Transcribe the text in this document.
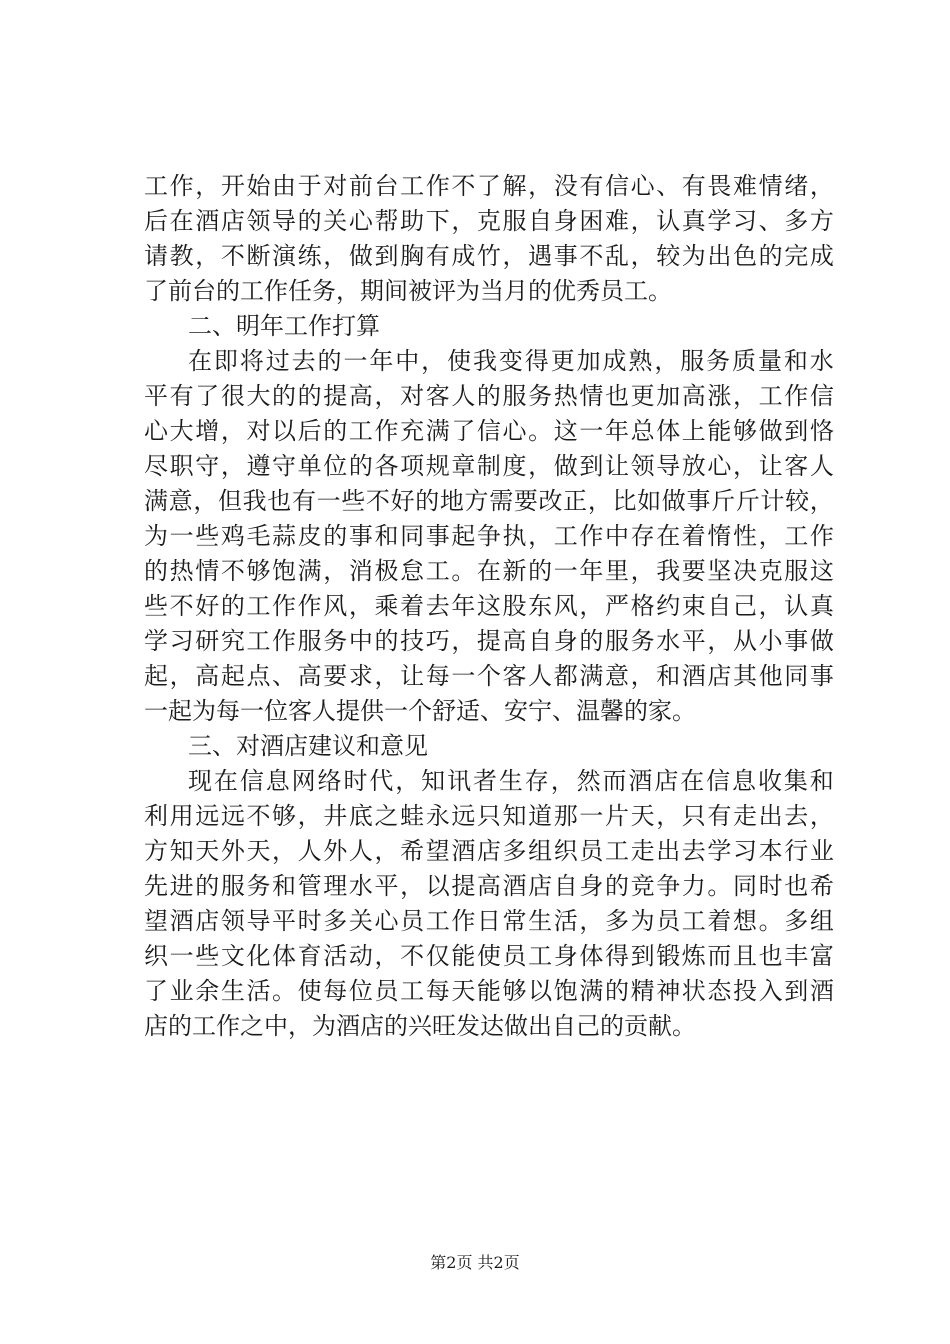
工 作 ， 开 始 由 于 对 前 台 工 作 不 了 解 ， 没 有 信 心 、 有 畏 难 情 绪 ，
后 在 酒 店 领 导 的 关 心 帮 助 下 ， 克 服 自 身 困 难 ， 认 真 学 习 、 多 方
请 教 ， 不 断 演 练 ， 做 到 胸 有 成 竹 ， 遇 事 不 乱 ， 较 为 出 色 的 完 成
了前台的工作任务，期间被评为当月的优秀员工。
二、明年工作打算
在 即 将 过 去 的 一 年 中 ， 使 我 变 得 更 加 成 熟 ， 服 务 质 量 和 水
平 有 了 很 大 的 的 提 高 ， 对 客 人 的 服 务 热 情 也 更 加 高 涨 ， 工 作 信
心 大 增 ， 对 以 后 的 工 作 充 满 了 信 心 。 这 一 年 总 体 上 能 够 做 到 恪
尽 职 守 ， 遵 守 单 位 的 各 项 规 章 制 度 ， 做 到 让 领 导 放 心 ， 让 客 人
满 意 ， 但 我 也 有 一 些 不 好 的 地 方 需 要 改 正 ， 比 如 做 事 斤 斤 计 较 ，
为 一 些 鸡 毛 蒜 皮 的 事 和 同 事 起 争 执 ， 工 作 中 存 在 着 惰 性 ， 工 作
的 热 情 不 够 饱 满 ， 消 极 怠 工 。 在 新 的 一 年 里 ， 我 要 坚 决 克 服 这
些 不 好 的 工 作 作 风 ， 乘 着 去 年 这 股 东 风 ， 严 格 约 束 自 己 ， 认 真
学 习 研 究 工 作 服 务 中 的 技 巧 ， 提 高 自 身 的 服 务 水 平 ， 从 小 事 做
起 ， 高 起 点 、 高 要 求 ， 让 每 一 个 客 人 都 满 意 ， 和 酒 店 其 他 同 事
一起为每一位客人提供一个舒适、安宁、温馨的家。
三、对酒店建议和意见
现 在 信 息 网 络 时 代 ， 知 讯 者 生 存 ， 然 而 酒 店 在 信 息 收 集 和
利 用 远 远 不 够 ， 井 底 之 蛙 永 远 只 知 道 那 一 片 天 ， 只 有 走 出 去 ，
方 知 天 外 天 ， 人 外 人 ， 希 望 酒 店 多 组 织 员 工 走 出 去 学 习 本 行 业
先 进 的 服 务 和 管 理 水 平 ， 以 提 高 酒 店 自 身 的 竞 争 力 。 同 时 也 希
望 酒 店 领 导 平 时 多 关 心 员 工 作 日 常 生 活 ， 多 为 员 工 着 想 。 多 组
织 一 些 文 化 体 育 活 动 ， 不 仅 能 使 员 工 身 体 得 到 锻 炼 而 且 也 丰 富
了 业 余 生 活 。 使 每 位 员 工 每 天 能 够 以 饱 满 的 精 神 状 态 投 入 到 酒
店的工作之中，为酒店的兴旺发达做出自己的贡献。
第2页 共2页
